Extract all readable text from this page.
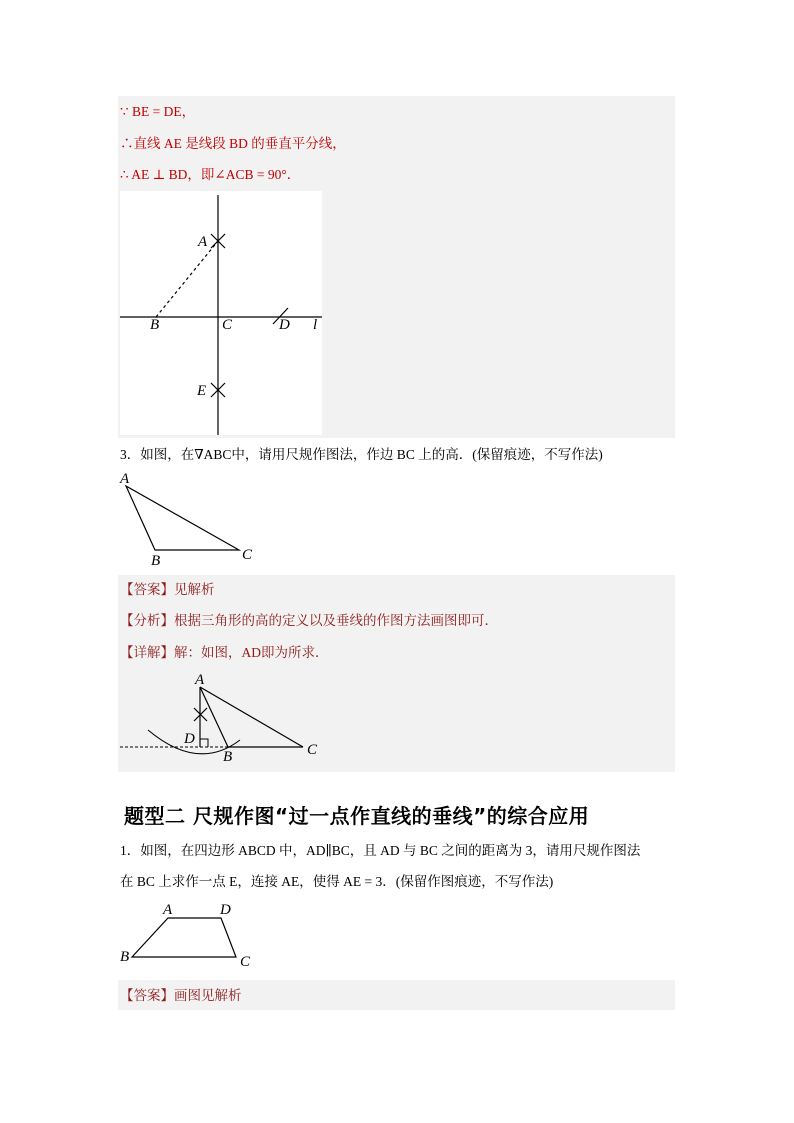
∵ BE = DE，
∴直线 AE 是线段 BD 的垂直平分线，
∴ AE ⊥ BD，即∠ACB = 90°．
A
B	C	D l
E
3．如图，在∇ABC中，请用尺规作图法，作边 BC 上的高．(保留痕迹，不写作法)
A
B	C
【答案】见解析
【分析】根据三角形的高的定义以及垂线的作图方法画图即可．
【详解】解：如图，AD即为所求．
A
D
B	C
题型二 尺规作图“过一点作直线的垂线”的综合应用
1．如图，在四边形 ABCD 中，AD∥BC，且 AD 与 BC 之间的距离为 3，请用尺规作图法
在 BC 上求作一点 E，连接 AE，使得 AE = 3．(保留作图痕迹，不写作法)
A	D
B	C
【答案】画图见解析
